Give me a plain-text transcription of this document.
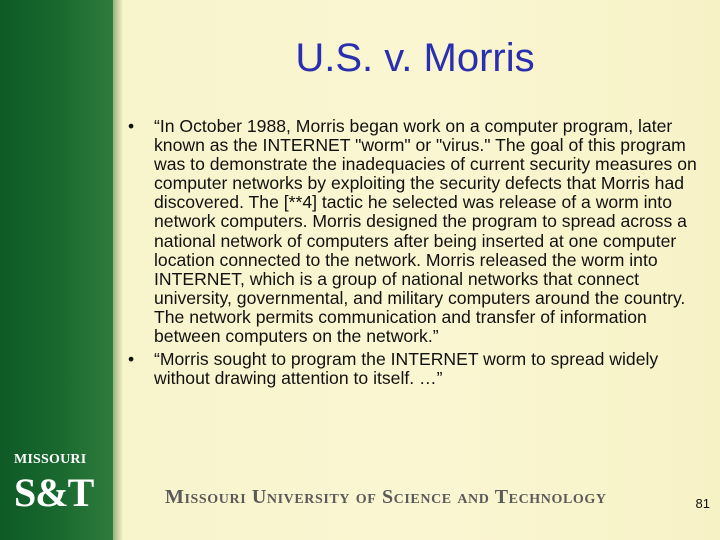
MISSOURI
S&T
U.S. v. Morris
•	“In October 1988, Morris began work on a computer program, later known as the INTERNET "worm" or "virus." The goal of this program was to demonstrate the inadequacies of current security measures on computer networks by exploiting the security defects that Morris had discovered. The [**4] tactic he selected was release of a worm into network computers. Morris designed the program to spread across a national network of computers after being inserted at one computer location connected to the network. Morris released the worm into INTERNET, which is a group of national networks that connect university, governmental, and military computers around the country. The network permits communication and transfer of information between computers on the network.”
•	“Morris sought to program the INTERNET worm to spread widely without drawing attention to itself. …”
Missouri University of Science and Technology	81
